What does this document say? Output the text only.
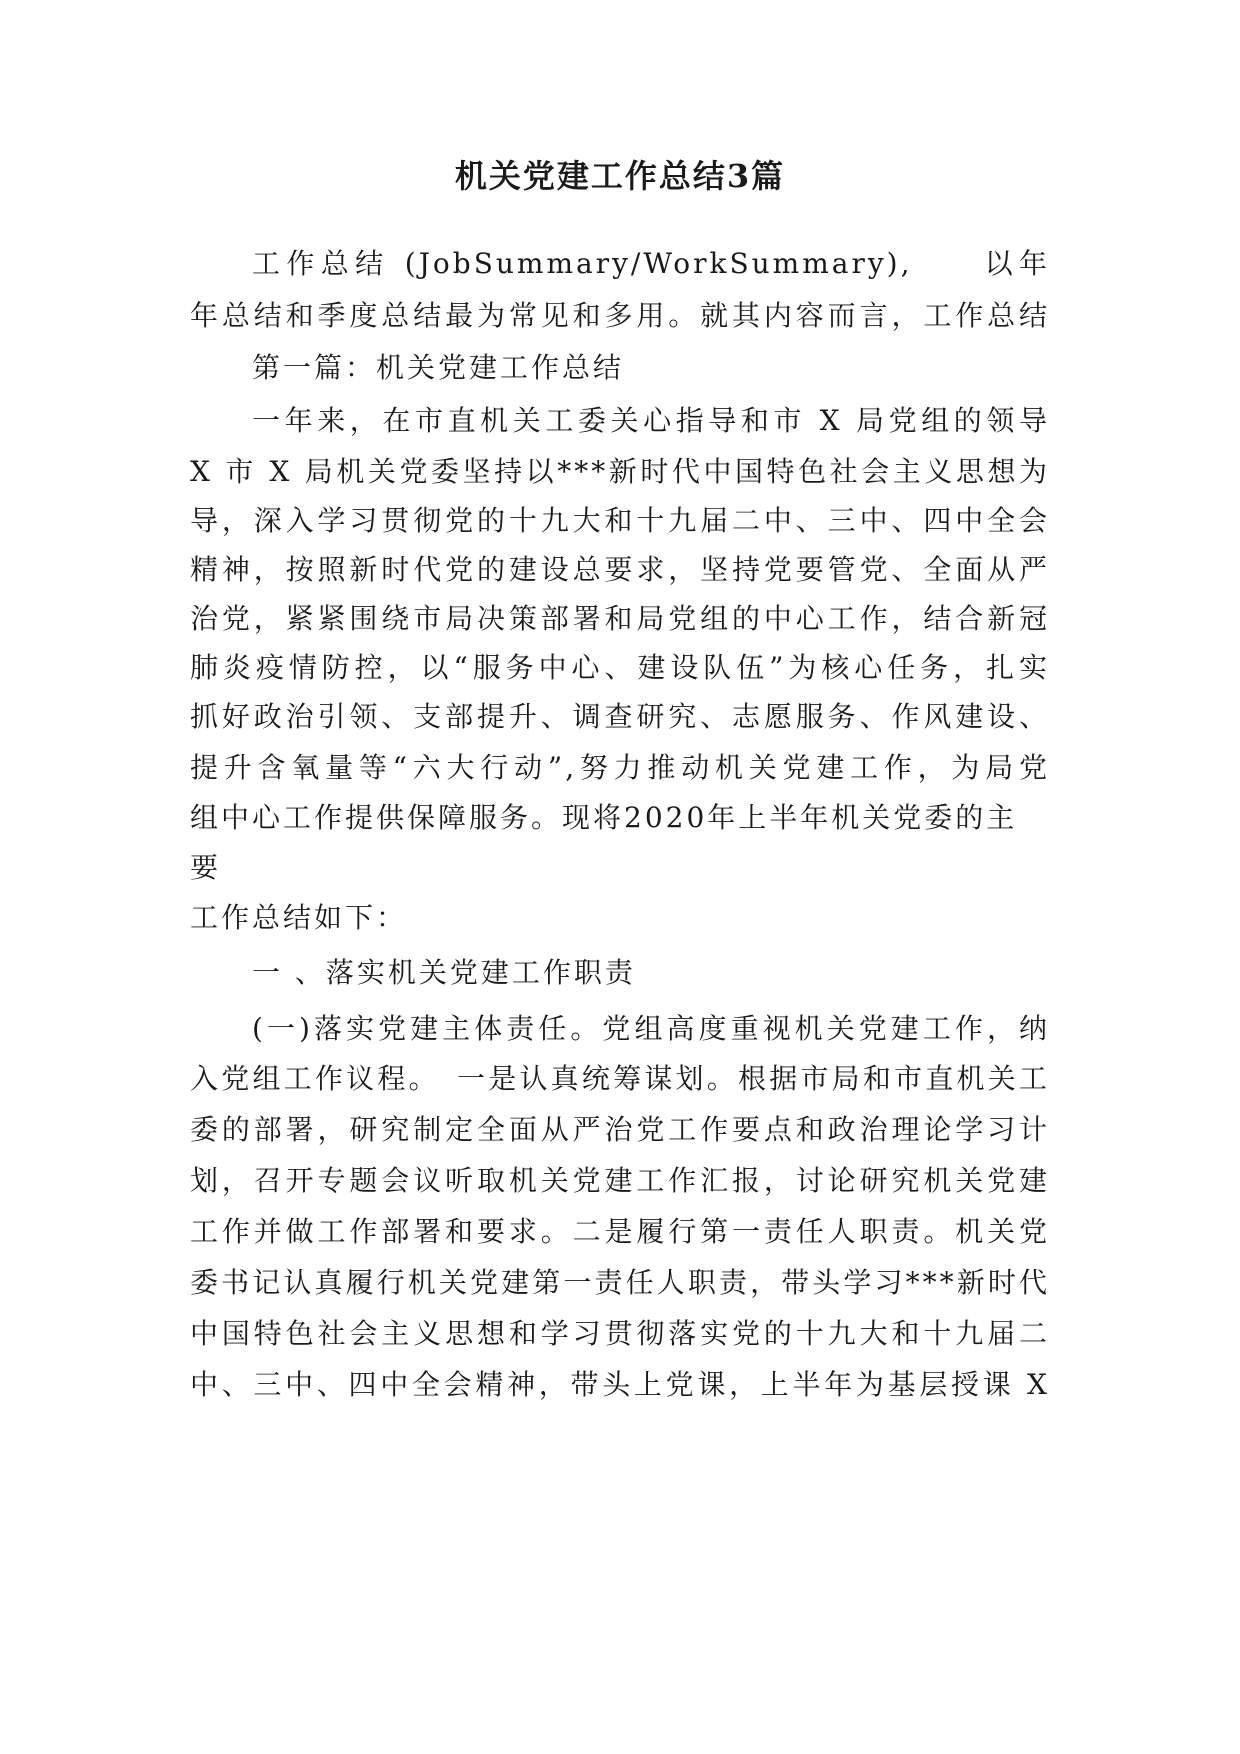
机关党建工作总结3篇
工作总结 (JobSummary/WorkSummary),　　以年
年总结和季度总结最为常见和多用。就其内容而言，工作总结
第一篇：机关党建工作总结
一年来，在市直机关工委关心指导和市 X 局党组的领导
X 市 X 局机关党委坚持以***新时代中国特色社会主义思想为
导，深入学习贯彻党的十九大和十九届二中、三中、四中全会
精神，按照新时代党的建设总要求，坚持党要管党、全面从严
治党，紧紧围绕市局决策部署和局党组的中心工作，结合新冠
肺炎疫情防控，以“服务中心、建设队伍”为核心任务，扎实
抓好政治引领、支部提升、调查研究、志愿服务、作风建设、
提升含氧量等“六大行动”,努力推动机关党建工作，为局党
组中心工作提供保障服务。现将2020年上半年机关党委的主
要
工作总结如下：
一 、落实机关党建工作职责
(一)落实党建主体责任。党组高度重视机关党建工作，纳
入党组工作议程。　一是认真统筹谋划。根据市局和市直机关工
委的部署，研究制定全面从严治党工作要点和政治理论学习计
划，召开专题会议听取机关党建工作汇报，讨论研究机关党建
工作并做工作部署和要求。二是履行第一责任人职责。机关党
委书记认真履行机关党建第一责任人职责，带头学习***新时代
中国特色社会主义思想和学习贯彻落实党的十九大和十九届二
中、三中、四中全会精神，带头上党课，上半年为基层授课 X
